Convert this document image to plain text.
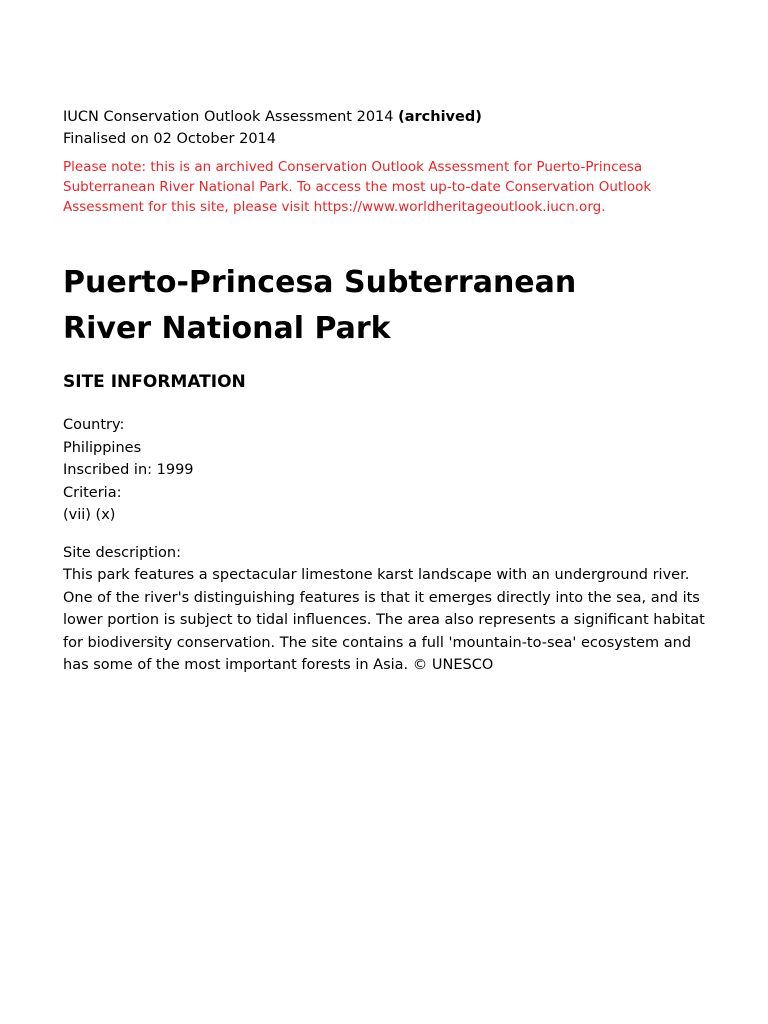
IUCN Conservation Outlook Assessment 2014 (archived)

Finalised on 02 October 2014

Please note: this is an archived Conservation Outlook Assessment for Puerto-Princesa Subterranean River National Park. To access the most up-to-date Conservation Outlook Assessment for this site, please visit https://www.worldheritageoutlook.iucn.org.

Puerto-Princesa Subterranean
River National Park
SITE INFORMATION

Country:

Philippines

Inscribed in: 1999

Criteria:

(vii) (x)

Site description:

This park features a spectacular limestone karst landscape with an underground river. One of the river's distinguishing features is that it emerges directly into the sea, and its lower portion is subject to tidal influences. The area also represents a significant habitat for biodiversity conservation. The site contains a full 'mountain-to-sea' ecosystem and has some of the most important forests in Asia. © UNESCO
